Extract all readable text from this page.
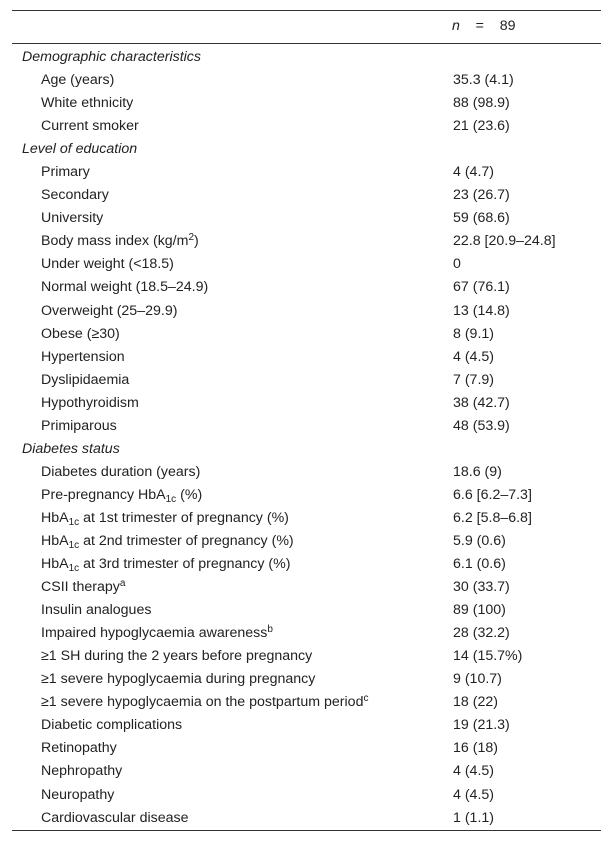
n = 89
Demographic characteristics
Age (years)	35.3 (4.1)
White ethnicity	88 (98.9)
Current smoker	21 (23.6)
Level of education
Primary	4 (4.7)
Secondary	23 (26.7)
University	59 (68.6)
Body mass index $(kg/m^2)$	22.8 [20.9–24.8]
Under weight (<18.5)	0
Normal weight (18.5–24.9)	67 (76.1)
Overweight (25–29.9)	13 (14.8)
Obese (≥30)	8 (9.1)
Hypertension	4 (4.5)
Dyslipidaemia	7 (7.9)
Hypothyroidism	38 (42.7)
Primiparous	48 (53.9)
Diabetes status
Diabetes duration (years)	18.6 (9)
Pre-pregnancy HbA$_{1c}$ (%)	6.6 [6.2–7.3]
HbA$_{1c}$ at 1st trimester of pregnancy (%)	6.2 [5.8–6.8]
HbA$_{1c}$ at 2nd trimester of pregnancy (%)	5.9 (0.6)
HbA$_{1c}$ at 3rd trimester of pregnancy (%)	6.1 (0.6)
CSII therapy$^a$	30 (33.7)
Insulin analogues	89 (100)
Impaired hypoglycaemia awareness$^b$	28 (32.2)
≥1 SH during the 2 years before pregnancy	14 (15.7%)
≥1 severe hypoglycaemia during pregnancy	9 (10.7)
≥1 severe hypoglycaemia on the postpartum period$^c$	18 (22)
Diabetic complications	19 (21.3)
Retinopathy	16 (18)
Nephropathy	4 (4.5)
Neuropathy	4 (4.5)
Cardiovascular disease	1 (1.1)
